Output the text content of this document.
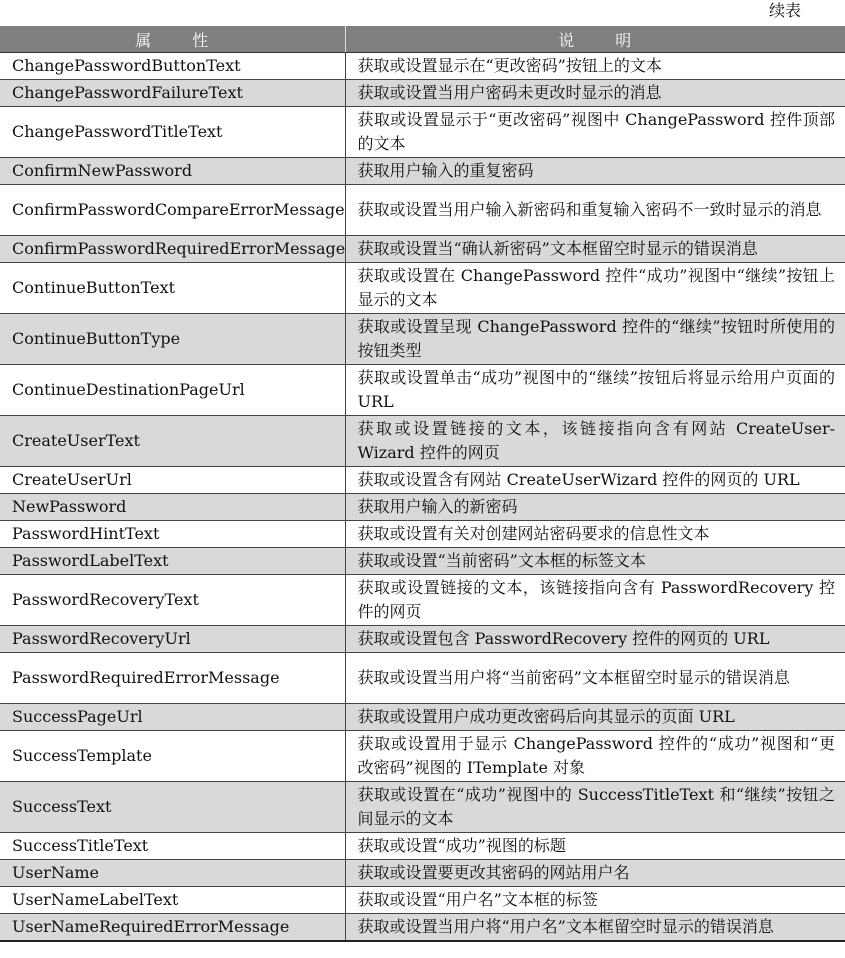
续表
属 性	说 明
ChangePasswordButtonText	获取或设置显示在“更改密码”按钮上的文本
ChangePasswordFailureText	获取或设置当用户密码未更改时显示的消息
ChangePasswordTitleText	获取或设置显示于“更改密码”视图中 ChangePassword 控件顶部的文本
ConfirmNewPassword	获取用户输入的重复密码
ConfirmPasswordCompareErrorMessage	获取或设置当用户输入新密码和重复输入密码不一致时显示的消息
ConfirmPasswordRequiredErrorMessage	获取或设置当“确认新密码”文本框留空时显示的错误消息
ContinueButtonText	获取或设置在 ChangePassword 控件“成功”视图中“继续”按钮上显示的文本
ContinueButtonType	获取或设置呈现 ChangePassword 控件的“继续”按钮时所使用的按钮类型
ContinueDestinationPageUrl	获取或设置单击“成功”视图中的“继续”按钮后将显示给用户页面的 URL
CreateUserText	获取或设置链接的文本，该链接指向含有网站 CreateUser-Wizard 控件的网页
CreateUserUrl	获取或设置含有网站 CreateUserWizard 控件的网页的 URL
NewPassword	获取用户输入的新密码
PasswordHintText	获取或设置有关对创建网站密码要求的信息性文本
PasswordLabelText	获取或设置“当前密码”文本框的标签文本
PasswordRecoveryText	获取或设置链接的文本，该链接指向含有 PasswordRecovery 控件的网页
PasswordRecoveryUrl	获取或设置包含 PasswordRecovery 控件的网页的 URL
PasswordRequiredErrorMessage	获取或设置当用户将“当前密码”文本框留空时显示的错误消息
SuccessPageUrl	获取或设置用户成功更改密码后向其显示的页面 URL
SuccessTemplate	获取或设置用于显示 ChangePassword 控件的“成功”视图和“更改密码”视图的 ITemplate 对象
SuccessText	获取或设置在“成功”视图中的 SuccessTitleText 和“继续”按钮之间显示的文本
SuccessTitleText	获取或设置“成功”视图的标题
UserName	获取或设置要更改其密码的网站用户名
UserNameLabelText	获取或设置“用户名”文本框的标签
UserNameRequiredErrorMessage	获取或设置当用户将“用户名”文本框留空时显示的错误消息
